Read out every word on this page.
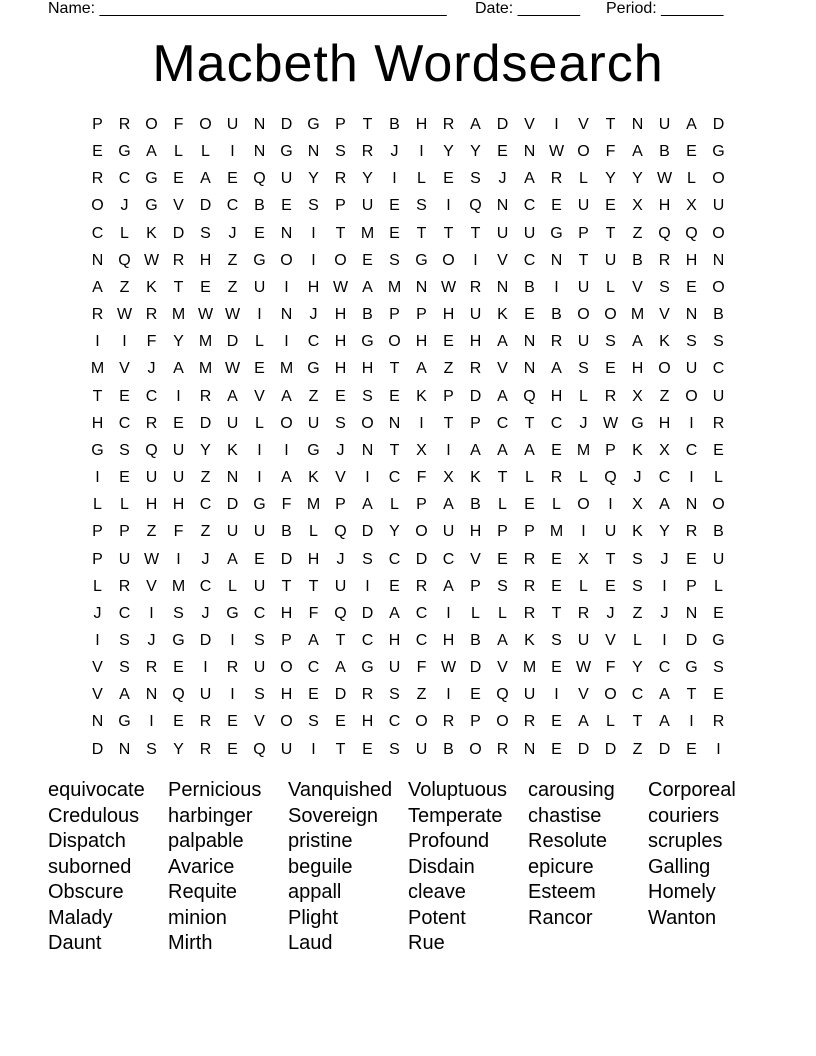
Name: _______________________________________ Date: _______ Period: _______
Macbeth Wordsearch
P R O F O U N D G P	T	B H R A D V	I	V	T	N U A D
E G A	L	L	I	N G N S R	J	I	Y	Y	E N W O F	A	B	E G
R C G E	A	E Q U Y R Y	I	L	E	S	J	A R	L	Y	Y W L	O
O	J	G V D C B	E	S	P U E	S	I	Q N C E U E	X H X U
C	L	K D S	J	E N	I	T M E	T	T	T	U U G P	T	Z Q Q O
N Q W R H	Z G O	I	O E	S G O	I	V C N	T	U B R H N
A	Z	K	T	E	Z	U	I	H W A M N W R N B	I	U	L	V	S	E O
R W R M W W	I	N	J	H B	P	P H U K	E	B O O M V N B
I	I	F	Y M D	L	I	C H G O H E H A N R U S	A	K	S	S
M V	J	A M W E M G H H	T	A	Z	R V N A	S	E H O U C
T	E C	I	R A	V	A	Z	E	S	E	K	P D A Q H	L	R X	Z O U
H C R E D U	L	O U S O N	I	T	P C	T	C	J W G H	I	R
G S Q U Y	K	I	I	G	J	N	T	X	I	A	A	A	E M P	K	X C E
I	E U U	Z	N	I	A	K	V	I	C	F	X	K	T	L	R	L	Q	J	C	I	L
L	L	H H C D G F M P	A	L	P	A	B	L	E	L	O	I	X	A N O
P	P	Z	F	Z	U U B	L	Q D Y O U H P	P M	I	U K	Y R B
P U W	I	J	A	E D H	J	S C D C V	E R E	X	T	S	J	E U
L	R V M C	L	U	T	T	U	I	E R A	P	S R E	L	E	S	I	P	L
J	C	I	S	J	G C H	F Q D A C	I	L	L	R	T	R	J	Z	J	N E
I	S	J	G D	I	S	P	A	T	C H C H B	A	K	S U V	L	I	D G
V	S R E	I	R U O C A G U	F W D V M E W F	Y C G S
V	A N Q U	I	S H E D R S	Z	I	E Q U	I	V O C A	T	E
N G	I	E R E	V O S	E H C O R P O R E	A	L	T	A	I	R
D N S	Y R E Q U	I	T	E	S U B O R N E D D	Z	D E	I
equivocate	Pernicious	Vanquished Voluptuous	carousing	Corporeal
Credulous	harbinger	Sovereign	Temperate	chastise	couriers
Dispatch	palpable	pristine	Profound	Resolute	scruples
suborned	Avarice	beguile	Disdain	epicure	Galling
Obscure	Requite	appall	cleave	Esteem	Homely
Malady	minion	Plight	Potent	Rancor	Wanton
Daunt	Mirth	Laud	Rue
